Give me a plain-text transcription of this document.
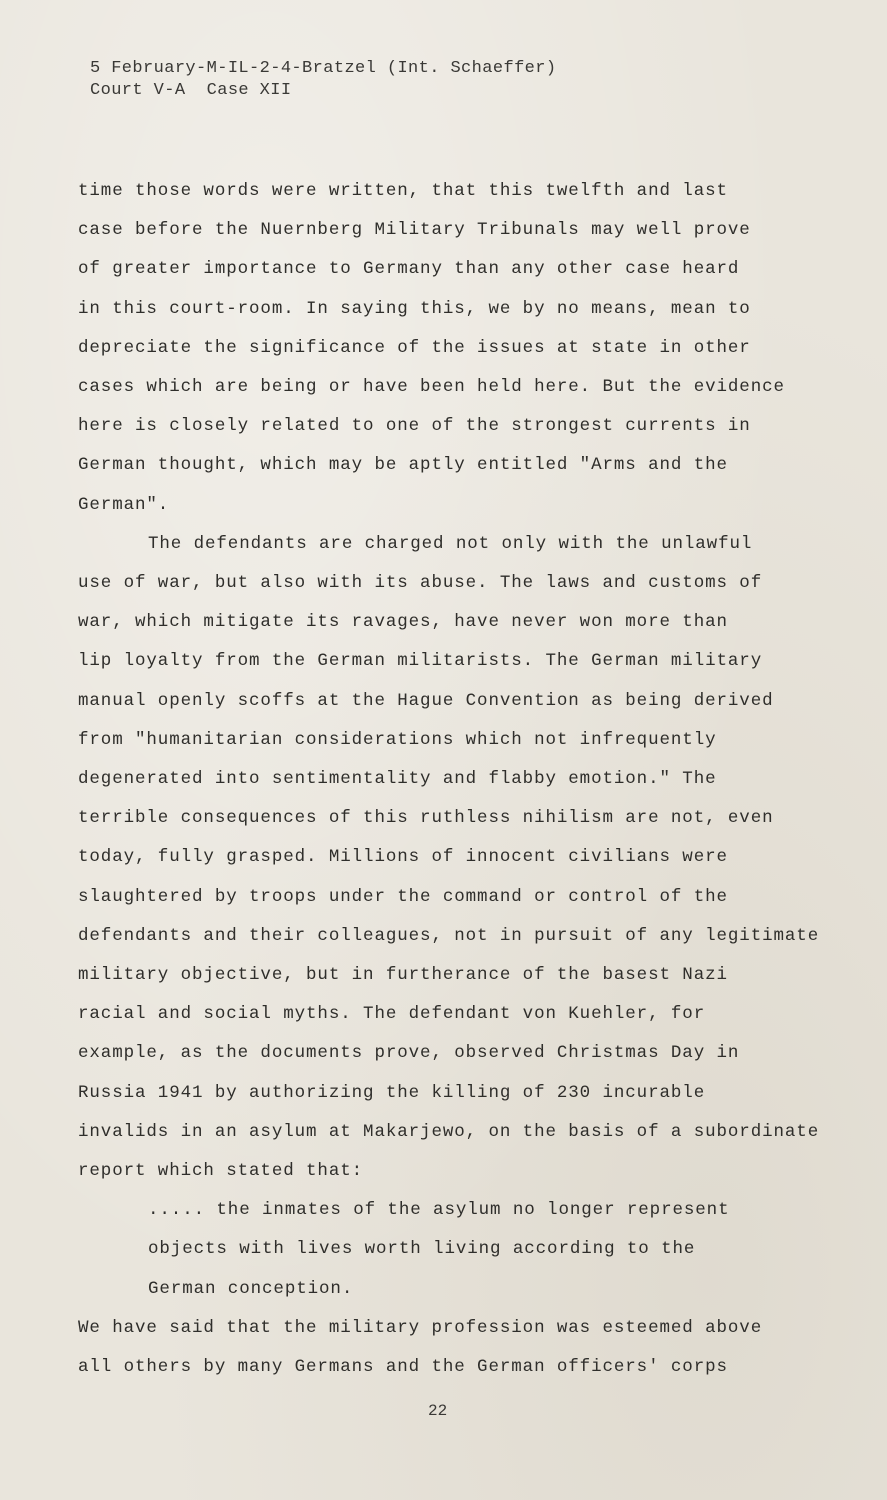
5 February-M-IL-2-4-Bratzel (Int. Schaeffer)
Court V-A  Case XII
time those words were written, that this twelfth and last
case before the Nuernberg Military Tribunals may well prove
of greater importance to Germany than any other case heard
in this court-room. In saying this, we by no means, mean to
depreciate the significance of the issues at state in other
cases which are being or have been held here. But the evidence
here is closely related to one of the strongest currents in
German thought, which may be aptly entitled "Arms and the
German".
The defendants are charged not only with the unlawful
use of war, but also with its abuse. The laws and customs of
war, which mitigate its ravages, have never won more than
lip loyalty from the German militarists. The German military
manual openly scoffs at the Hague Convention as being derived
from "humanitarian considerations which not infrequently
degenerated into sentimentality and flabby emotion." The
terrible consequences of this ruthless nihilism are not, even
today, fully grasped. Millions of innocent civilians were
slaughtered by troops under the command or control of the
defendants and their colleagues, not in pursuit of any legitimate
military objective, but in furtherance of the basest Nazi
racial and social myths. The defendant von Kuehler, for
example, as the documents prove, observed Christmas Day in
Russia 1941 by authorizing the killing of 230 incurable
invalids in an asylum at Makarjewo, on the basis of a subordinate
report which stated that:
..... the inmates of the asylum no longer represent
objects with lives worth living according to the
German conception.
We have said that the military profession was esteemed above
all others by many Germans and the German officers' corps
22
